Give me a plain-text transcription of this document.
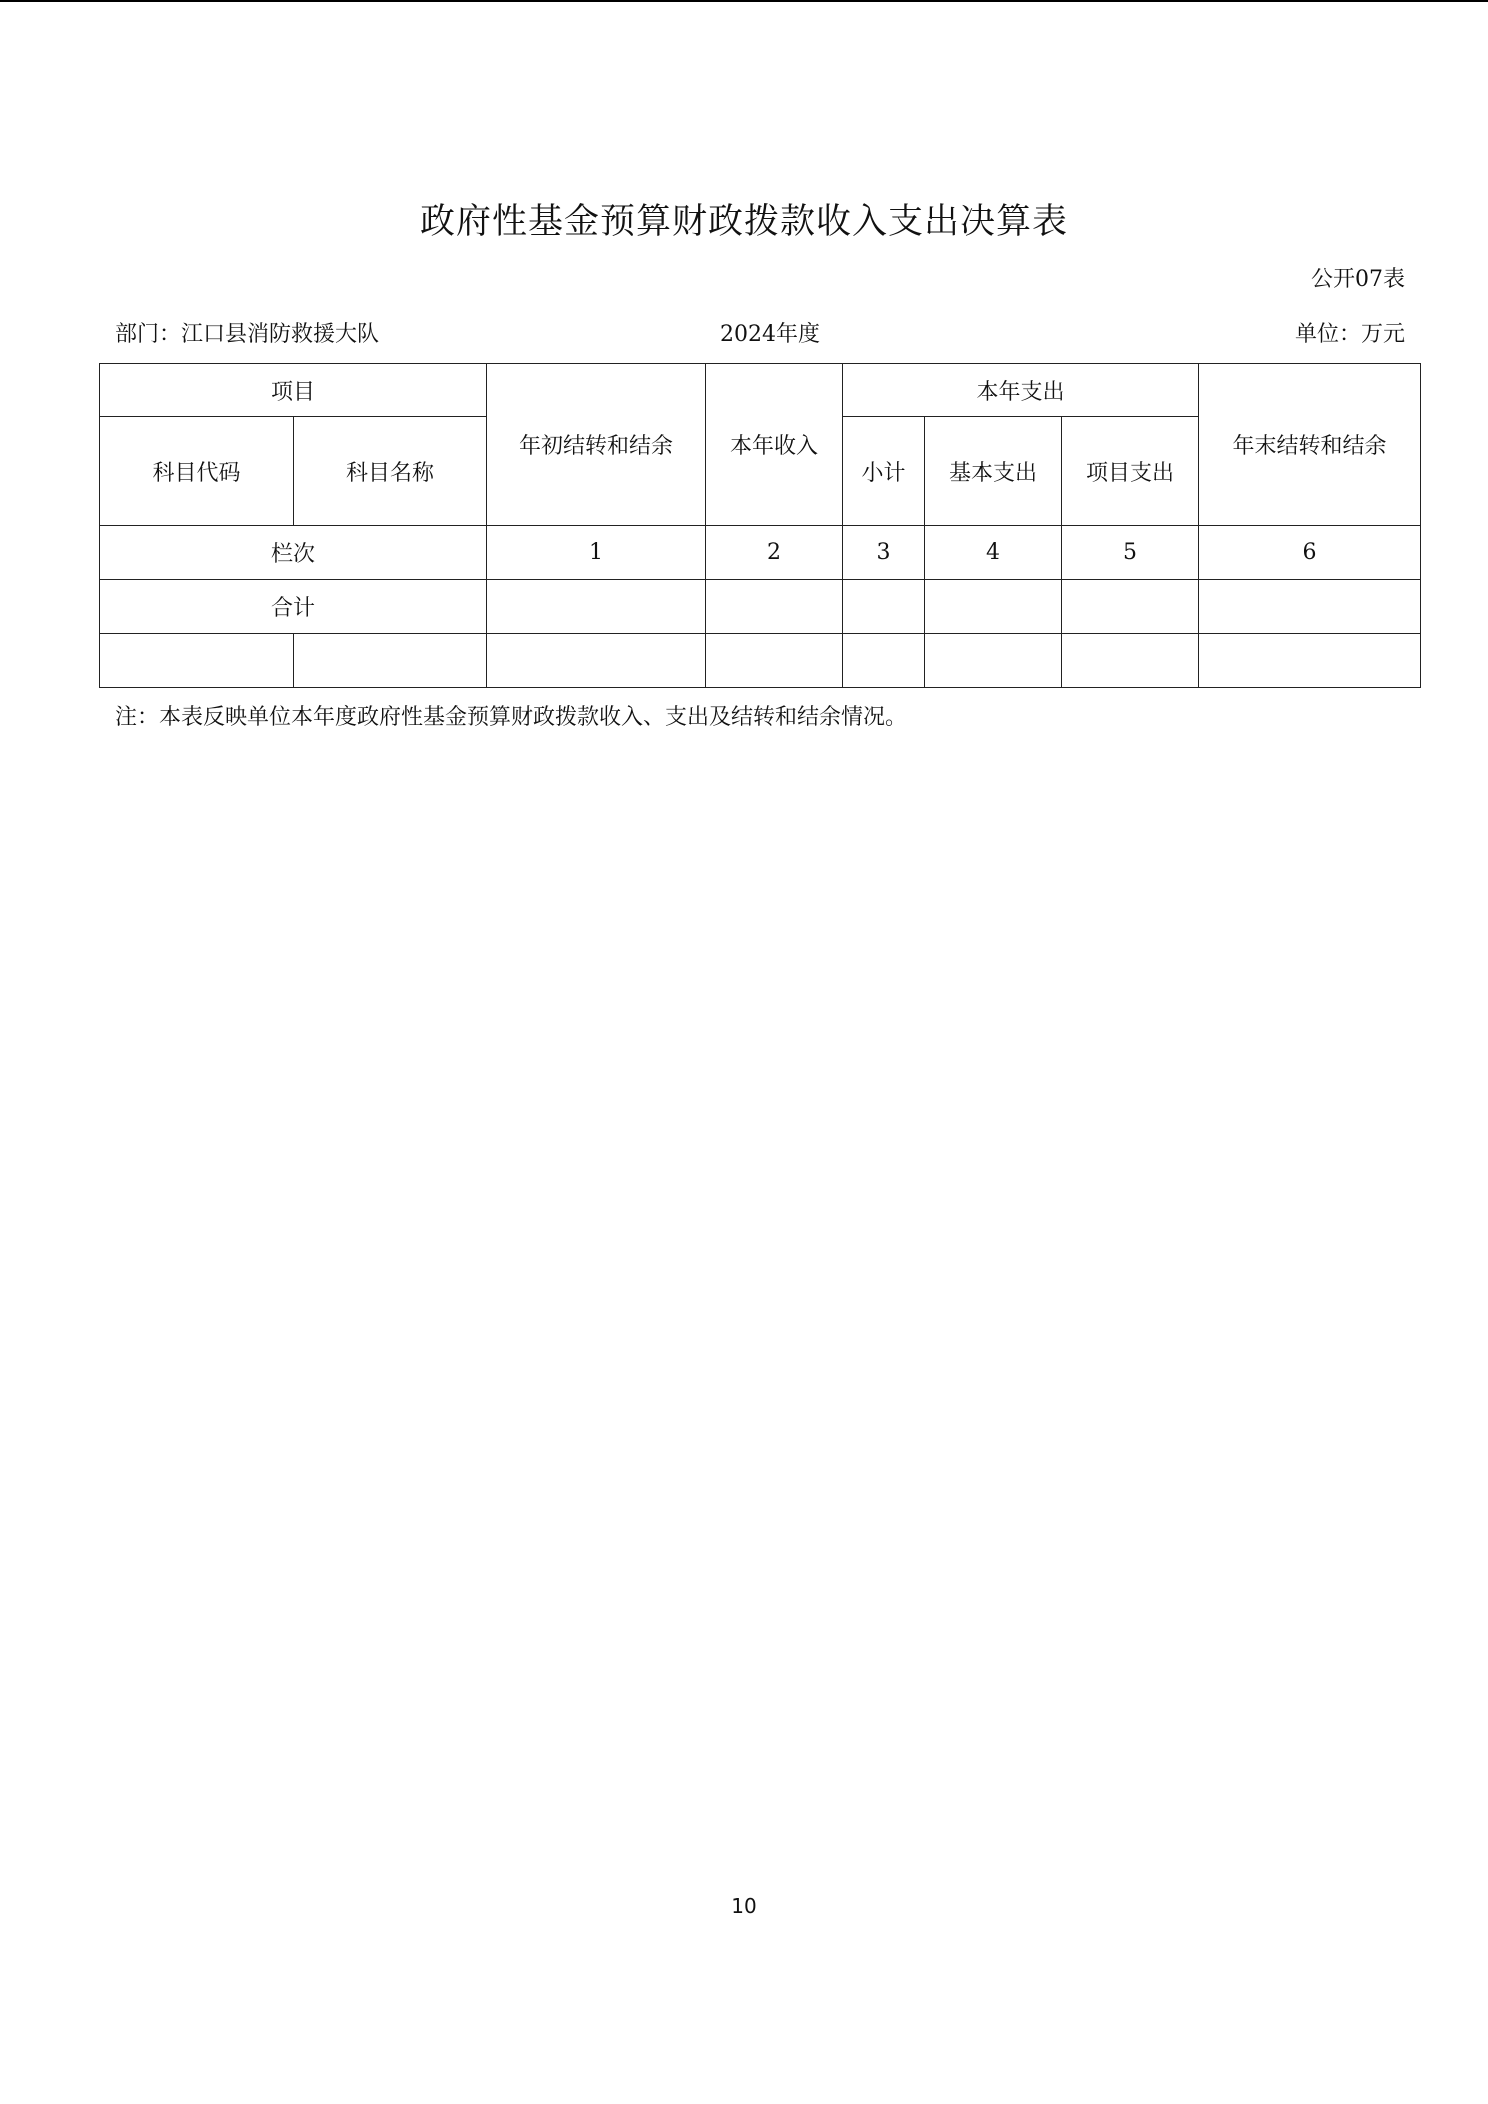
政府性基金预算财政拨款收入支出决算表
公开07表
部门：江口县消防救援大队	2024年度	单位：万元
项目		年初结转和结余	本年收入	本年支出			年末结转和结余
科目代码	科目名称			小计	基本支出	项目支出	
栏次		1	2	3	4	5	6
合计							

注：本表反映单位本年度政府性基金预算财政拨款收入、支出及结转和结余情况。
10
